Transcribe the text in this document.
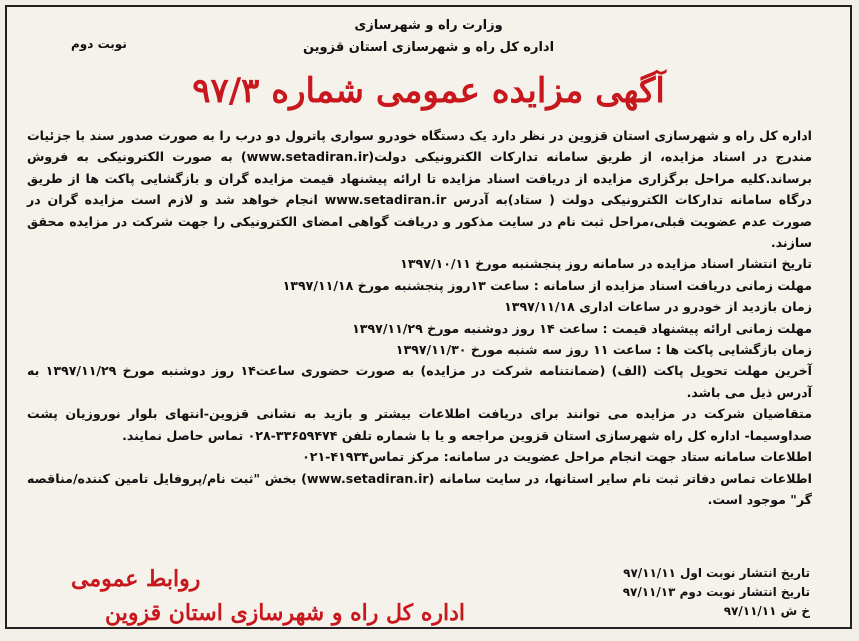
وزارت راه و شهرسازی
اداره کل راه و شهرسازی استان قزوین
نوبت دوم
آگهی مزایده عمومی شماره ۹۷/۳

اداره کل راه و شهرسازی استان قزوین در نظر دارد یک دستگاه خودرو سواری پاترول دو درب را به صورت صدور سند با جزئیات مندرج در اسناد مزایده، از طریق سامانه تدارکات الکترونیکی دولت(www.setadiran.ir) به صورت الکترونیکی به فروش برساند.کلیه مراحل برگزاری مزایده از دریافت اسناد مزایده تا ارائه پیشنهاد قیمت مزایده گران و بازگشایی پاکت ها از طریق درگاه سامانه تدارکات الکترونیکی دولت ( ستاد)به آدرس www.setadiran.ir انجام خواهد شد و لازم است مزایده گران در صورت عدم عضویت قبلی،مراحل ثبت نام در سایت مذکور و دریافت گواهی امضای الکترونیکی را جهت شرکت در مزایده محقق سازند.

تاریخ انتشار اسناد مزایده در سامانه روز پنجشنبه مورخ ۱۳۹۷/۱۰/۱۱

مهلت زمانی دریافت اسناد مزایده از سامانه : ساعت ۱۳روز پنجشنبه مورخ ۱۳۹۷/۱۱/۱۸

زمان بازدید از خودرو در ساعات اداری ۱۳۹۷/۱۱/۱۸

مهلت زمانی ارائه پیشنهاد قیمت : ساعت ۱۴ روز دوشنبه مورخ ۱۳۹۷/۱۱/۲۹

زمان بازگشایی پاکت ها : ساعت ۱۱ روز سه شنبه مورخ ۱۳۹۷/۱۱/۳۰

آخرین مهلت تحویل پاکت (الف) (ضمانتنامه شرکت در مزایده) به صورت حضوری ساعت۱۴ روز دوشنبه مورخ ۱۳۹۷/۱۱/۲۹ به آدرس ذیل می باشد.

متقاضیان شرکت در مزایده می توانند برای دریافت اطلاعات بیشتر و بازید به نشانی قزوین-انتهای بلوار نوروزیان پشت صداوسیما- اداره کل راه شهرسازی استان قزوین مراجعه و یا با شماره تلفن ۳۳۶۵۹۴۷۴-۰۲۸ تماس حاصل نمایند.

اطلاعات سامانه ستاد جهت انجام مراحل عضویت در سامانه: مرکز تماس۴۱۹۳۴-۰۲۱

اطلاعات تماس دفاتر ثبت نام سایر استانها، در سایت سامانه (www.setadiran.ir) بخش "ثبت نام/پروفایل تامین کننده/مناقصه گر" موجود است.

روابط عمومی
اداره کل راه و شهرسازی استان قزوین
تاریخ انتشار نوبت اول ۹۷/۱۱/۱۱
تاریخ انتشار نوبت دوم ۹۷/۱۱/۱۳
خ ش ۹۷/۱۱/۱۱
